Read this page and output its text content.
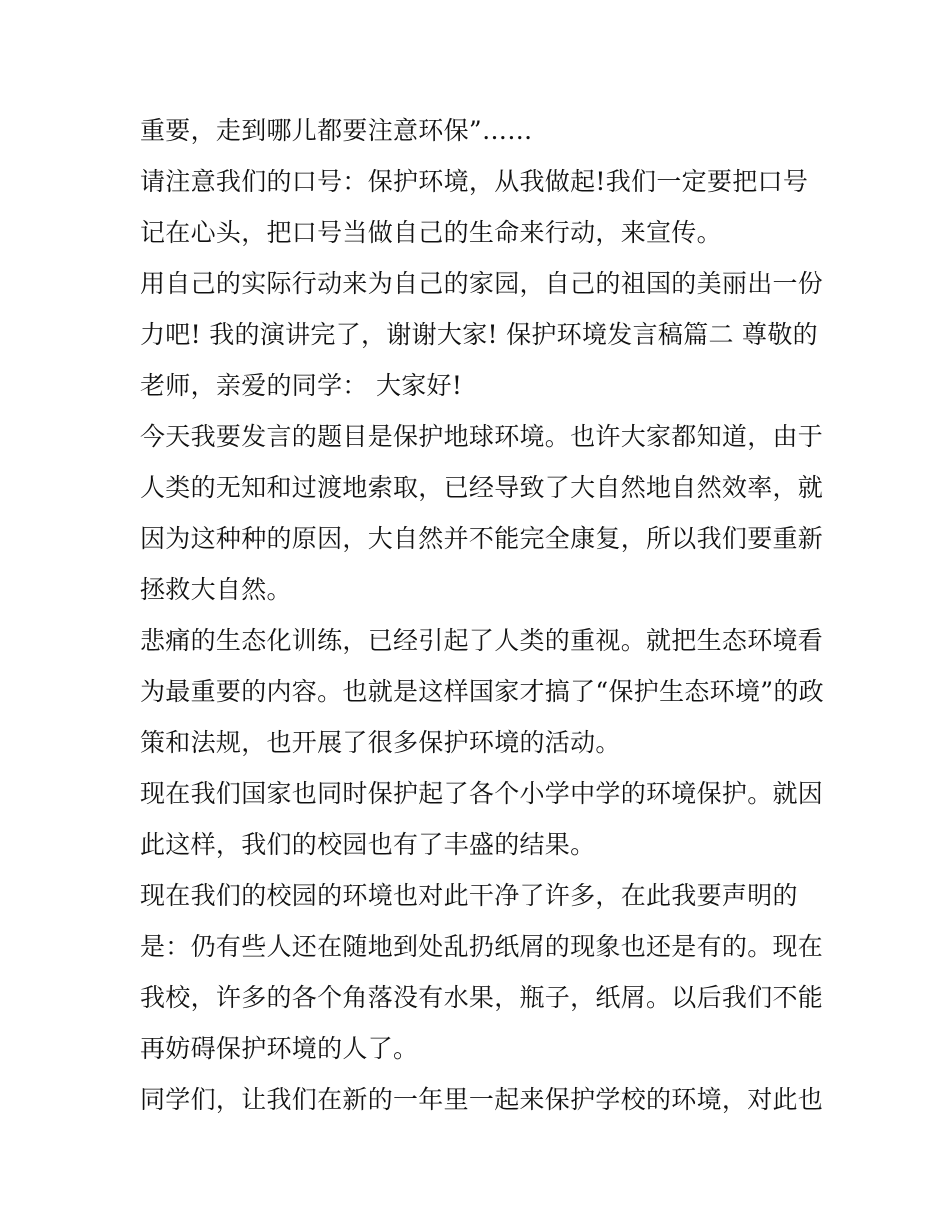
重要，走到哪儿都要注意环保”……
请注意我们的口号：保护环境，从我做起!我们一定要把口号
记在心头，把口号当做自己的生命来行动，来宣传。
用自己的实际行动来为自己的家园，自己的祖国的美丽出一份
力吧! 我的演讲完了，谢谢大家! 保护环境发言稿篇二 尊敬的
老师，亲爱的同学： 大家好!
今天我要发言的题目是保护地球环境。也许大家都知道，由于
人类的无知和过渡地索取，已经导致了大自然地自然效率，就
因为这种种的原因，大自然并不能完全康复，所以我们要重新
拯救大自然。
悲痛的生态化训练，已经引起了人类的重视。就把生态环境看
为最重要的内容。也就是这样国家才搞了“保护生态环境”的政
策和法规，也开展了很多保护环境的活动。
现在我们国家也同时保护起了各个小学中学的环境保护。就因
此这样，我们的校园也有了丰盛的结果。
现在我们的校园的环境也对此干净了许多，在此我要声明的
是：仍有些人还在随地到处乱扔纸屑的现象也还是有的。现在
我校，许多的各个角落没有水果，瓶子，纸屑。以后我们不能
再妨碍保护环境的人了。
同学们，让我们在新的一年里一起来保护学校的环境，对此也
